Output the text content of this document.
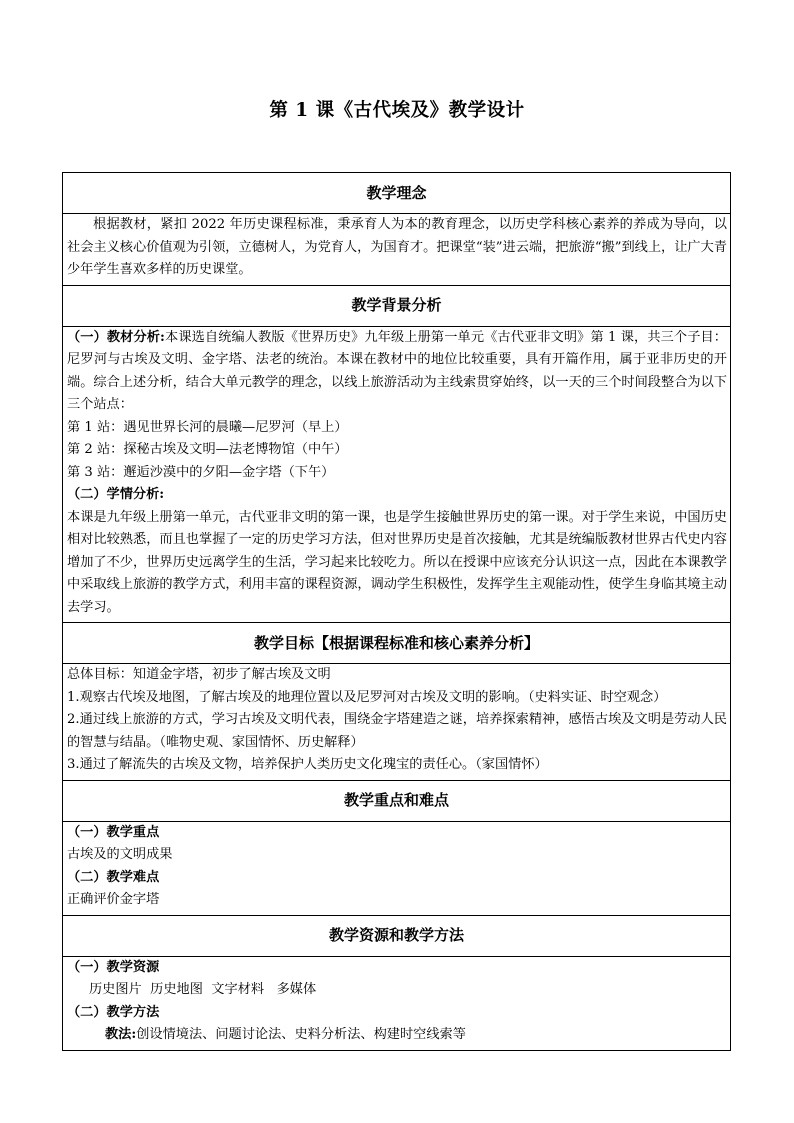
第 1 课《古代埃及》教学设计
教学理念

根据教材，紧扣 2022 年历史课程标准，秉承育人为本的教育理念，以历史学科核心素养的养成为导向，以社会主义核心价值观为引领，立德树人，为党育人，为国育才。把课堂“装”进云端，把旅游“搬”到线上，让广大青少年学生喜欢多样的历史课堂。

教学背景分析

（一）教材分析:本课选自统编人教版《世界历史》九年级上册第一单元《古代亚非文明》第 1 课，共三个子目：尼罗河与古埃及文明、金字塔、法老的统治。本课在教材中的地位比较重要，具有开篇作用，属于亚非历史的开端。综合上述分析，结合大单元教学的理念，以线上旅游活动为主线索贯穿始终，以一天的三个时间段整合为以下三个站点：

第 1 站：遇见世界长河的晨曦—尼罗河（早上）

第 2 站：探秘古埃及文明—法老博物馆（中午）

第 3 站：邂逅沙漠中的夕阳—金字塔（下午）

（二）学情分析:

本课是九年级上册第一单元，古代亚非文明的第一课，也是学生接触世界历史的第一课。对于学生来说，中国历史相对比较熟悉，而且也掌握了一定的历史学习方法，但对世界历史是首次接触，尤其是统编版教材世界古代史内容增加了不少，世界历史远离学生的生活，学习起来比较吃力。所以在授课中应该充分认识这一点，因此在本课教学中采取线上旅游的教学方式，利用丰富的课程资源，调动学生积极性，发挥学生主观能动性，使学生身临其境主动去学习。

教学目标【根据课程标准和核心素养分析】

总体目标：知道金字塔，初步了解古埃及文明

1.观察古代埃及地图，了解古埃及的地理位置以及尼罗河对古埃及文明的影响。（史料实证、时空观念）

2.通过线上旅游的方式，学习古埃及文明代表，围绕金字塔建造之谜，培养探索精神，感悟古埃及文明是劳动人民的智慧与结晶。（唯物史观、家国情怀、历史解释）

3.通过了解流失的古埃及文物，培养保护人类历史文化瑰宝的责任心。（家国情怀）

教学重点和难点

（一）教学重点

古埃及的文明成果

（二）教学难点

正确评价金字塔

教学资源和教学方法

（一）教学资源

历史图片  历史地图  文字材料   多媒体

（二）教学方法

教法:创设情境法、问题讨论法、史料分析法、构建时空线索等
